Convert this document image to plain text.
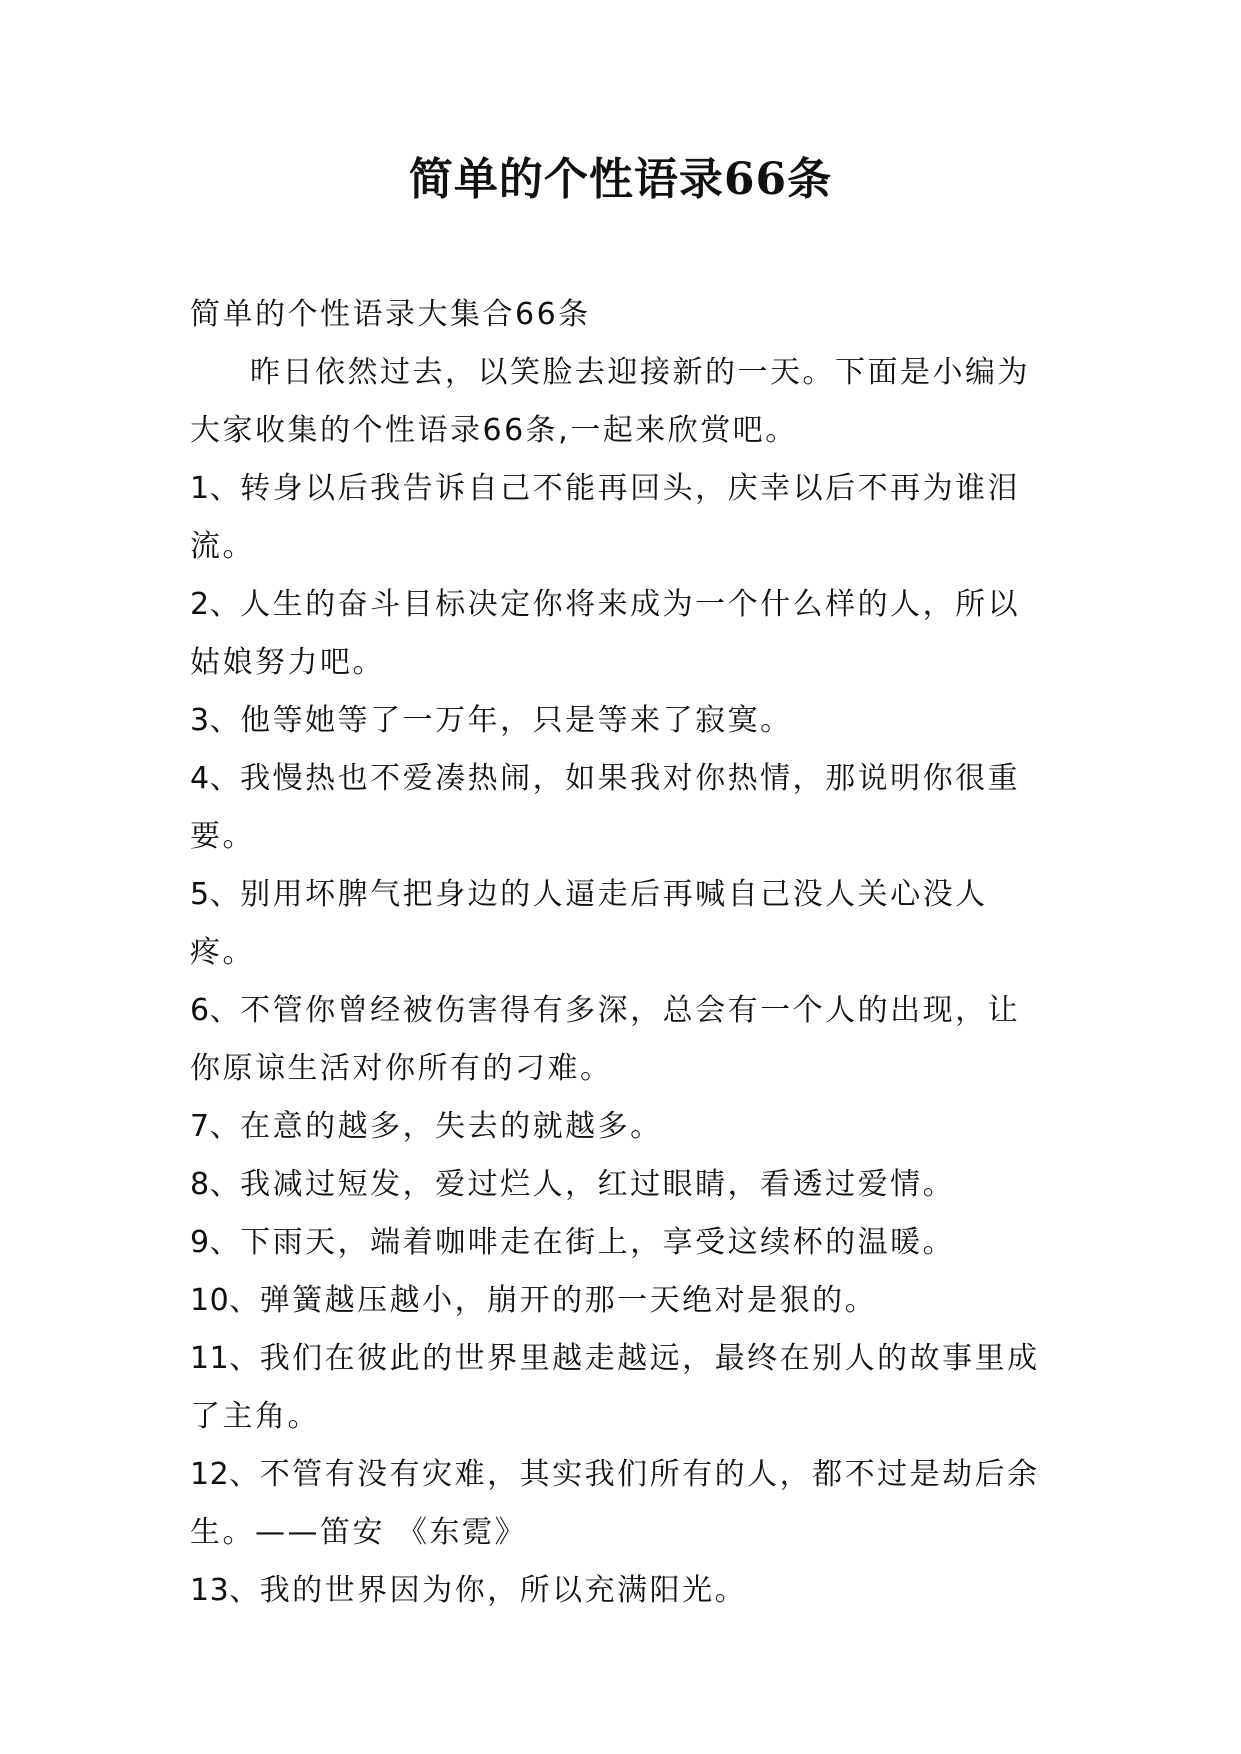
简单的个性语录66条

简单的个性语录大集合66条

昨日依然过去，以笑脸去迎接新的一天。下面是小编为大家收集的个性语录66条,一起来欣赏吧。

1、转身以后我告诉自己不能再回头，庆幸以后不再为谁泪流。

2、人生的奋斗目标决定你将来成为一个什么样的人，所以姑娘努力吧。

3、他等她等了一万年，只是等来了寂寞。

4、我慢热也不爱凑热闹，如果我对你热情，那说明你很重要。

5、别用坏脾气把身边的人逼走后再喊自己没人关心没人疼。

6、不管你曾经被伤害得有多深，总会有一个人的出现，让你原谅生活对你所有的刁难。

7、在意的越多，失去的就越多。

8、我减过短发，爱过烂人，红过眼睛，看透过爱情。

9、下雨天，端着咖啡走在街上，享受这续杯的温暖。

10、弹簧越压越小，崩开的那一天绝对是狠的。

11、我们在彼此的世界里越走越远，最终在别人的故事里成了主角。

12、不管有没有灾难，其实我们所有的人，都不过是劫后余生。——笛安 《东霓》

13、我的世界因为你，所以充满阳光。
